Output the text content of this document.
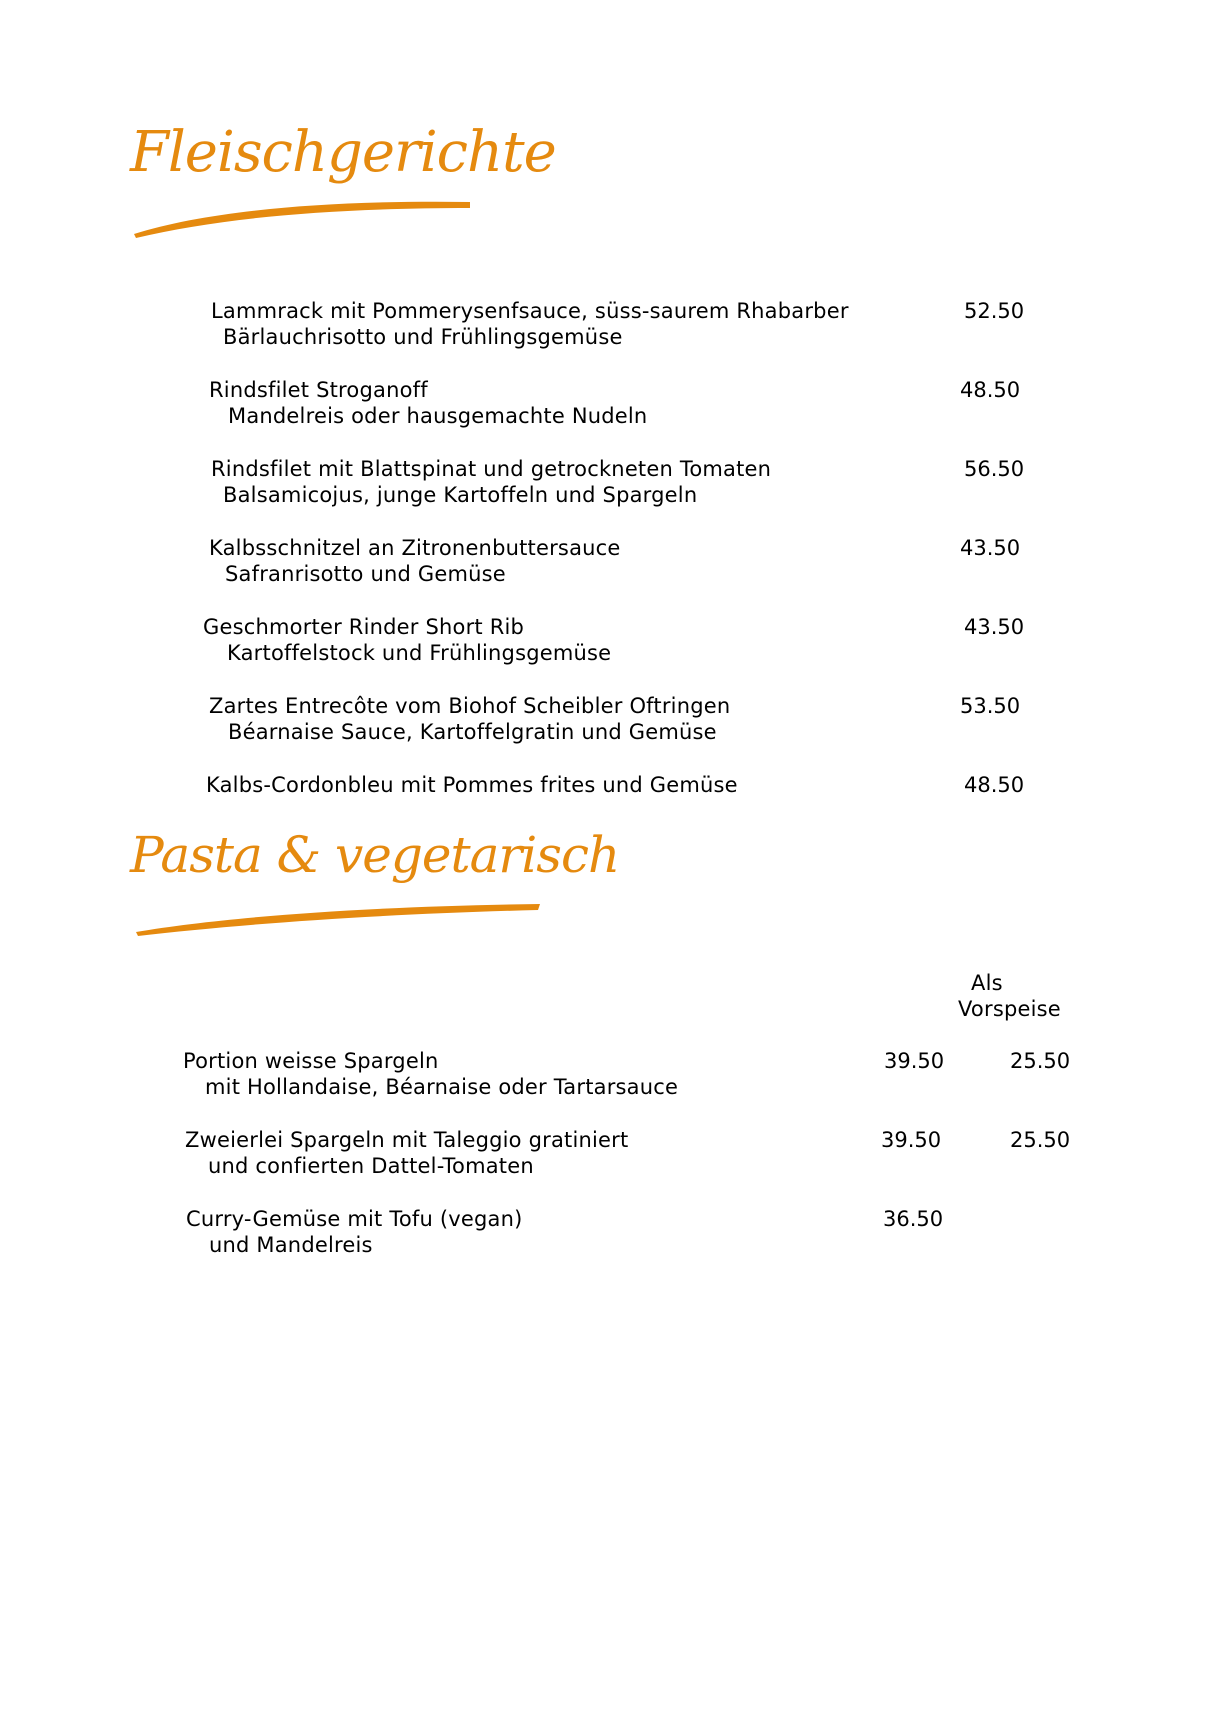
Fleischgerichte
Lammrack mit Pommerysenfsauce, süss-saurem Rhabarber
Bärlauchrisotto und Frühlingsgemüse
52.50
Rindsfilet Stroganoff
Mandelreis oder hausgemachte Nudeln
48.50
Rindsfilet mit Blattspinat und getrockneten Tomaten
Balsamicojus, junge Kartoffeln und Spargeln
56.50
Kalbsschnitzel an Zitronenbuttersauce
Safranrisotto und Gemüse
43.50
Geschmorter Rinder Short Rib
Kartoffelstock und Frühlingsgemüse
43.50
Zartes Entrecôte vom Biohof Scheibler Oftringen
Béarnaise Sauce, Kartoffelgratin und Gemüse
53.50
Kalbs-Cordonbleu mit Pommes frites und Gemüse	48.50
Pasta & vegetarisch
Als
Vorspeise
Portion weisse Spargeln
mit Hollandaise, Béarnaise oder Tartarsauce
39.50	25.50
Zweierlei Spargeln mit Taleggio gratiniert
und confierten Dattel-Tomaten
39.50	25.50
Curry-Gemüse mit Tofu (vegan)
und Mandelreis
36.50
